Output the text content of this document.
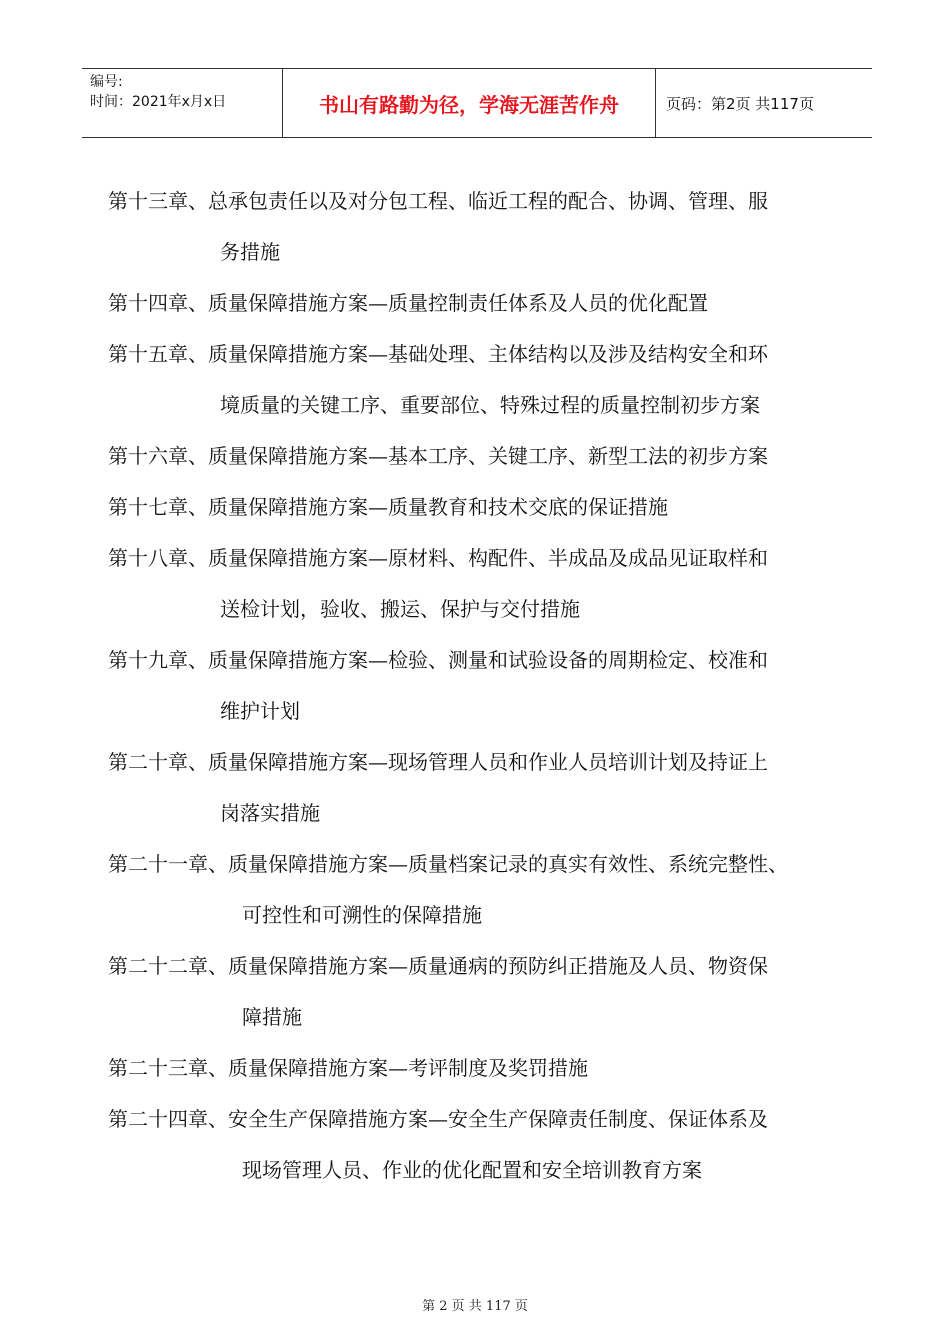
编号:
时间：2021年x月x日	书山有路勤为径，学海无涯苦作舟	页码：第2页 共117页
第十三章、总承包责任以及对分包工程、临近工程的配合、协调、管理、服
务措施
第十四章、质量保障措施方案—质量控制责任体系及人员的优化配置
第十五章、质量保障措施方案—基础处理、主体结构以及涉及结构安全和环
境质量的关键工序、重要部位、特殊过程的质量控制初步方案
第十六章、质量保障措施方案—基本工序、关键工序、新型工法的初步方案
第十七章、质量保障措施方案—质量教育和技术交底的保证措施
第十八章、质量保障措施方案—原材料、构配件、半成品及成品见证取样和
送检计划，验收、搬运、保护与交付措施
第十九章、质量保障措施方案—检验、测量和试验设备的周期检定、校准和
维护计划
第二十章、质量保障措施方案—现场管理人员和作业人员培训计划及持证上
岗落实措施
第二十一章、质量保障措施方案—质量档案记录的真实有效性、系统完整性、
可控性和可溯性的保障措施
第二十二章、质量保障措施方案—质量通病的预防纠正措施及人员、物资保
障措施
第二十三章、质量保障措施方案—考评制度及奖罚措施
第二十四章、安全生产保障措施方案—安全生产保障责任制度、保证体系及
现场管理人员、作业的优化配置和安全培训教育方案
第 2 页 共 117 页
